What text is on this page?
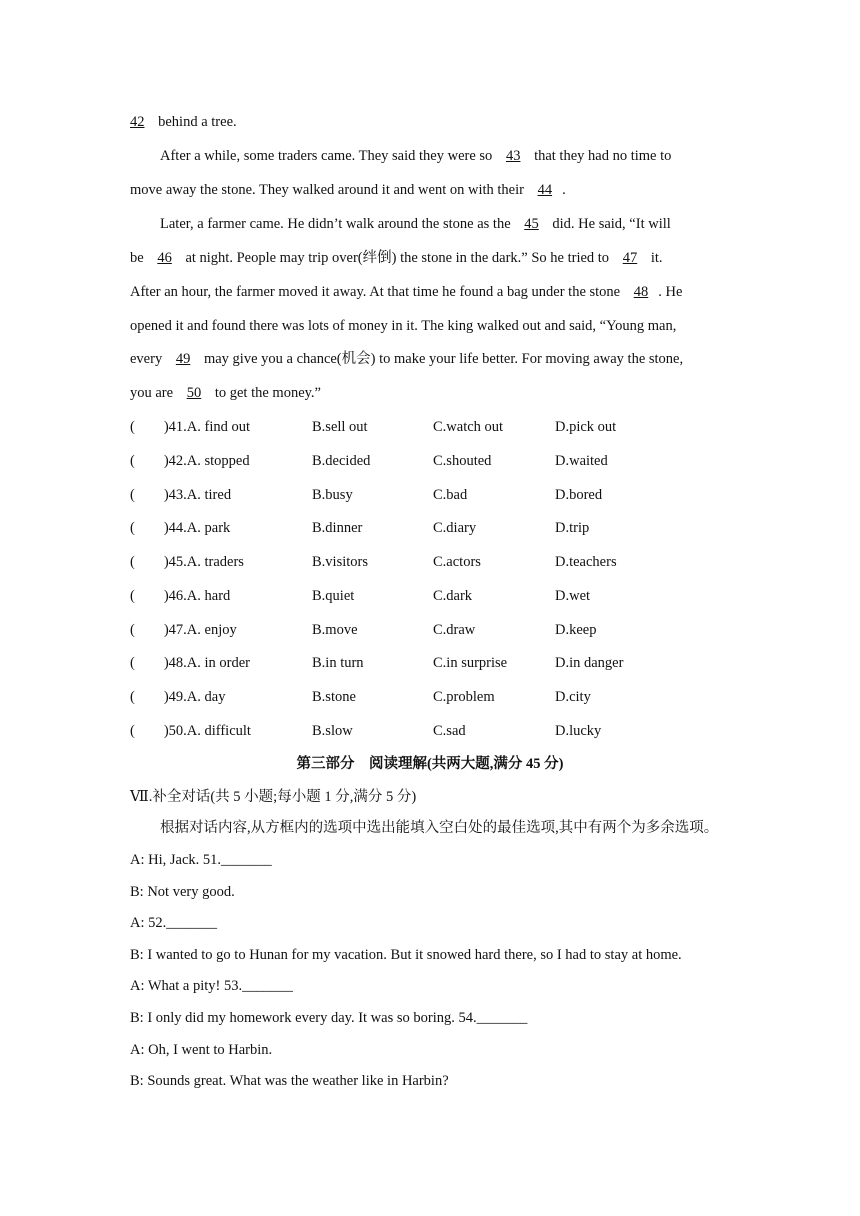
42 behind a tree.
After a while, some traders came. They said they were so 43 that they had no time to
move away the stone. They walked around it and went on with their 44 .
Later, a farmer came. He didn’t walk around the stone as the 45 did. He said, “It will
be 46 at night. People may trip over(绊倒) the stone in the dark.” So he tried to 47 it.
After an hour, the farmer moved it away. At that time he found a bag under the stone 48 . He
opened it and found there was lots of money in it. The king walked out and said, “Young man,
every 49 may give you a chance(机会) to make your life better. For moving away the stone,
you are 50 to get the money.”
(　　)41.A. find out	B.sell out	C.watch out	D.pick out
(　　)42.A. stopped	B.decided	C.shouted	D.waited
(　　)43.A. tired	B.busy	C.bad	D.bored
(　　)44.A. park	B.dinner	C.diary	D.trip
(　　)45.A. traders	B.visitors	C.actors	D.teachers
(　　)46.A. hard	B.quiet	C.dark	D.wet
(　　)47.A. enjoy	B.move	C.draw	D.keep
(　　)48.A. in order	B.in turn	C.in surprise	D.in danger
(　　)49.A. day	B.stone	C.problem	D.city
(　　)50.A. difficult	B.slow	C.sad	D.lucky
第三部分　阅读理解(共两大题,满分 45 分)
Ⅶ.补全对话(共 5 小题;每小题 1 分,满分 5 分)
根据对话内容,从方框内的选项中选出能填入空白处的最佳选项,其中有两个为多余选项。
A: Hi, Jack. 51._______
B: Not very good.
A: 52._______
B: I wanted to go to Hunan for my vacation. But it snowed hard there, so I had to stay at home.
A: What a pity! 53._______
B: I only did my homework every day. It was so boring. 54._______
A: Oh, I went to Harbin.
B: Sounds great. What was the weather like in Harbin?
